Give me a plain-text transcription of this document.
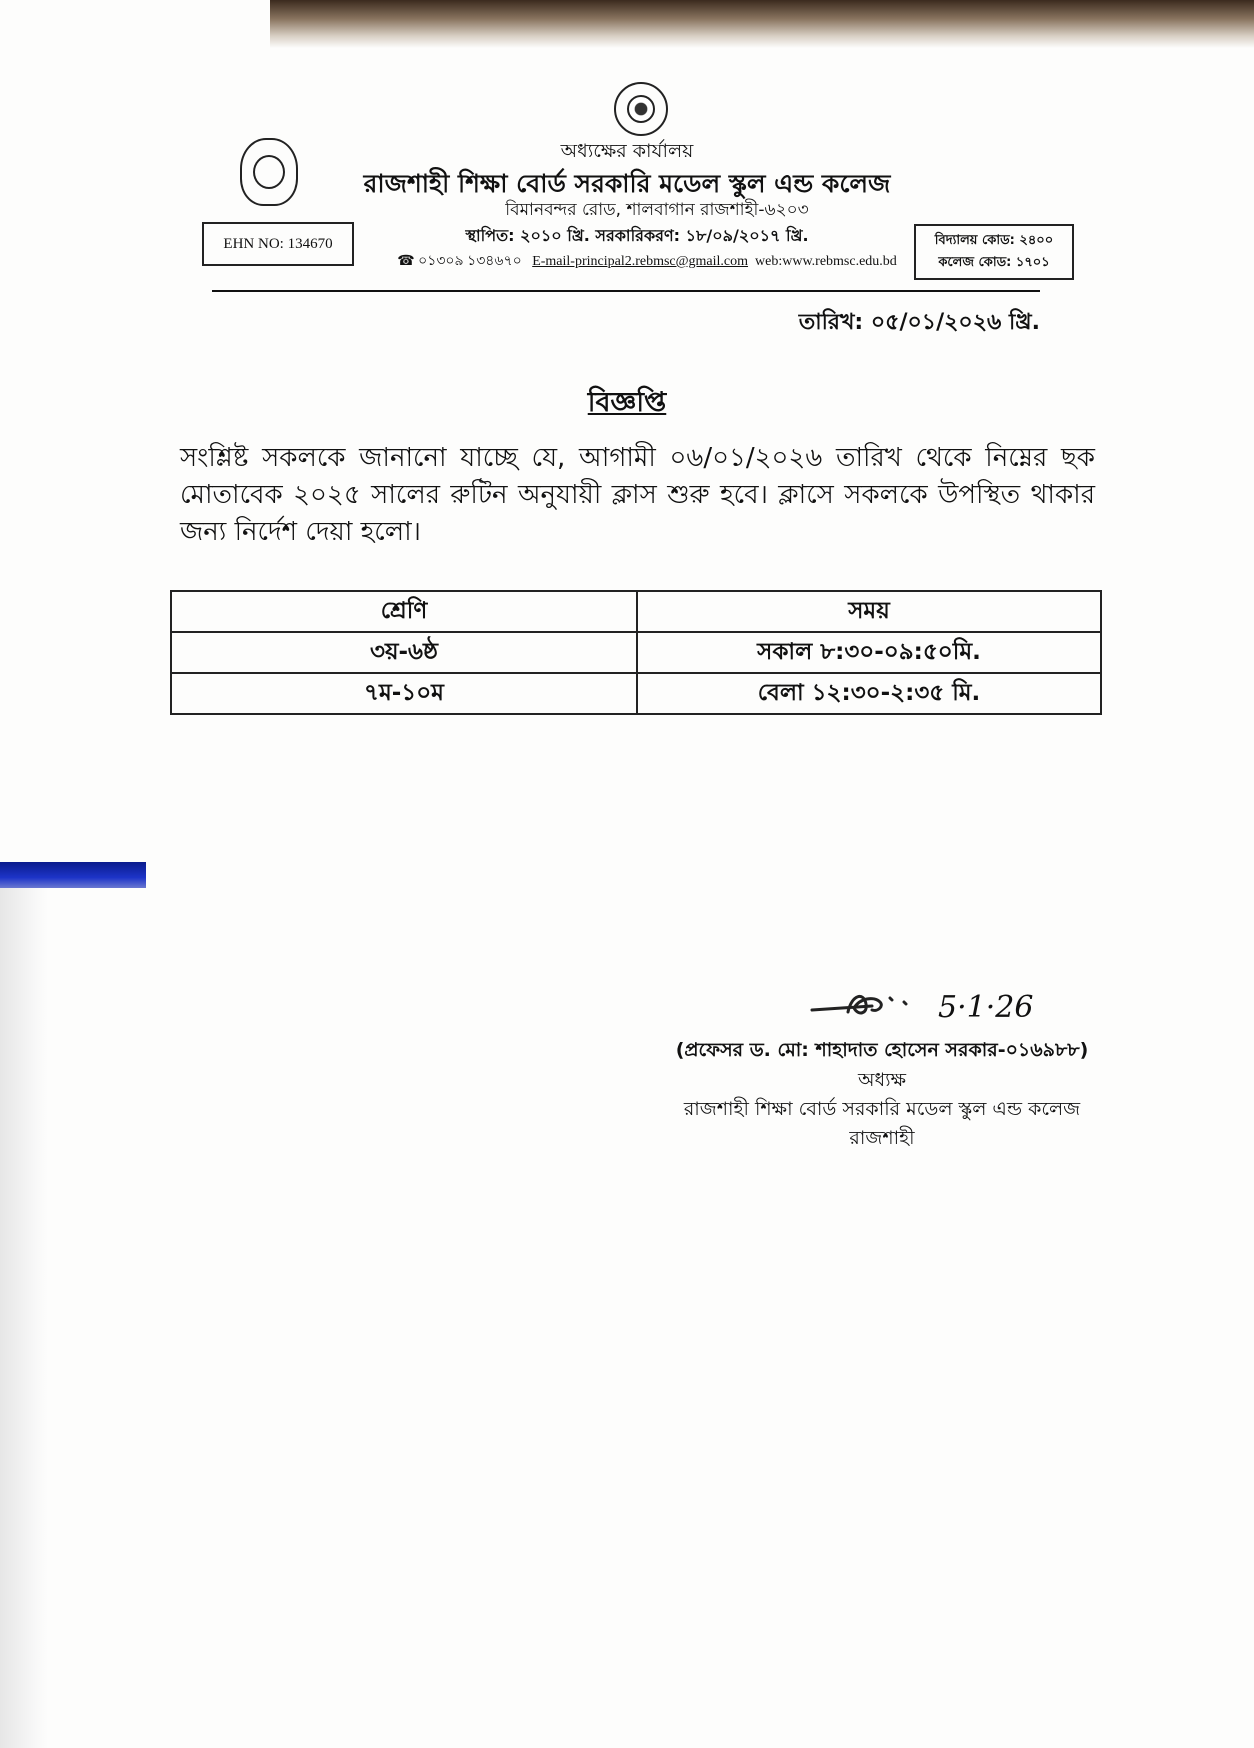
অধ্যক্ষের কার্যালয়
রাজশাহী শিক্ষা বোর্ড সরকারি মডেল স্কুল এন্ড কলেজ
বিমানবন্দর রোড, শালবাগান রাজশাহী-৬২০৩
স্থাপিত: ২০১০ খ্রি. সরকারিকরণ: ১৮/০৯/২০১৭ খ্রি.
☎ ০১৩০৯ ১৩৪৬৭০ E-mail-principal2.rebmsc@gmail.com web:www.rebmsc.edu.bd
EHN NO: 134670	বিদ্যালয় কোড: ২৪০০
কলেজ কোড: ১৭০১
তারিখ: ০৫/০১/২০২৬ খ্রি.
বিজ্ঞপ্তি
সংশ্লিষ্ট সকলকে জানানো যাচ্ছে যে, আগামী ০৬/০১/২০২৬ তারিখ থেকে নিম্নের ছক মোতাবেক ২০২৫ সালের রুটিন অনুযায়ী ক্লাস শুরু হবে। ক্লাসে সকলকে উপস্থিত থাকার জন্য নির্দেশ দেয়া হলো।
শ্রেণি	সময়
৩য়-৬ষ্ঠ	সকাল ৮:৩০-০৯:৫০মি.
৭ম-১০ম	বেলা ১২:৩০-২:৩৫ মি.
5·1·26
(প্রফেসর ড. মো: শাহাদাত হোসেন সরকার-০১৬৯৮৮)
অধ্যক্ষ
রাজশাহী শিক্ষা বোর্ড সরকারি মডেল স্কুল এন্ড কলেজ
রাজশাহী
